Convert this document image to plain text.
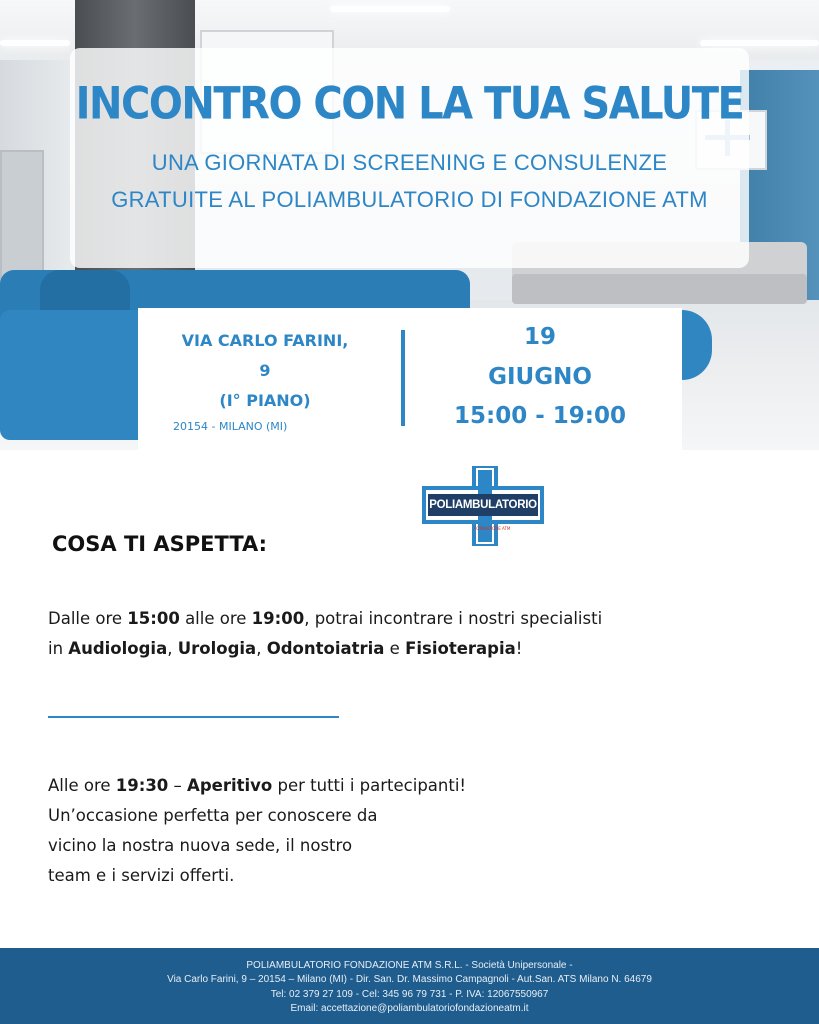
INCONTRO CON LA TUA SALUTE

UNA GIORNATA DI SCREENING E CONSULENZE

GRATUITE AL POLIAMBULATORIO DI FONDAZIONE ATM

VIA CARLO FARINI,

9

(I° PIANO)

20154 - MILANO (MI)

19

GIUGNO

15:00 - 19:00

POLIAMBULATORIO
FONDAZIONE ATM
COSA TI ASPETTA:

Dalle ore 15:00 alle ore 19:00, potrai incontrare i nostri specialisti
in Audiologia, Urologia, Odontoiatria e Fisioterapia!

Alle ore 19:30 – Aperitivo per tutti i partecipanti!
Un’occasione perfetta per conoscere da
vicino la nostra nuova sede, il nostro
team e i servizi offerti.

POLIAMBULATORIO FONDAZIONE ATM S.R.L. - Società Unipersonale -

Via Carlo Farini, 9 – 20154 – Milano (MI) - Dir. San. Dr. Massimo Campagnoli - Aut.San. ATS Milano N. 64679

Tel: 02 379 27 109 - Cel: 345 96 79 731 - P. IVA: 12067550967

Email: accettazione@poliambulatoriofondazioneatm.it
